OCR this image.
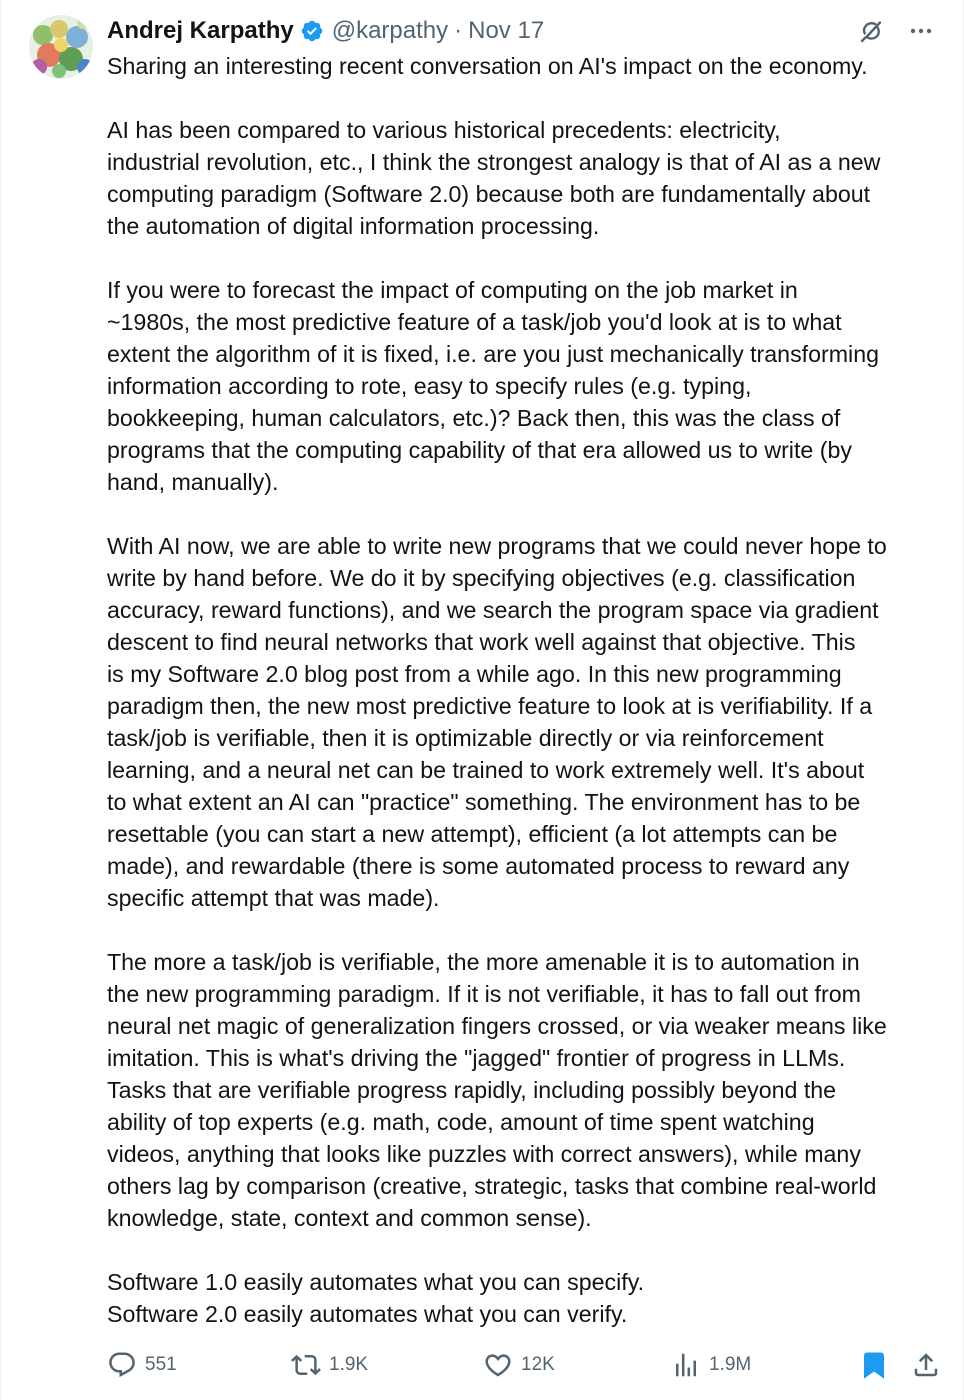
Andrej Karpathy @karpathy · Nov 17

Sharing an interesting recent conversation on AI's impact on the economy.

AI has been compared to various historical precedents: electricity,
industrial revolution, etc., I think the strongest analogy is that of AI as a new
computing paradigm (Software 2.0) because both are fundamentally about
the automation of digital information processing.

If you were to forecast the impact of computing on the job market in
~1980s, the most predictive feature of a task/job you'd look at is to what
extent the algorithm of it is fixed, i.e. are you just mechanically transforming
information according to rote, easy to specify rules (e.g. typing,
bookkeeping, human calculators, etc.)? Back then, this was the class of
programs that the computing capability of that era allowed us to write (by
hand, manually).

With AI now, we are able to write new programs that we could never hope to
write by hand before. We do it by specifying objectives (e.g. classification
accuracy, reward functions), and we search the program space via gradient
descent to find neural networks that work well against that objective. This
is my Software 2.0 blog post from a while ago. In this new programming
paradigm then, the new most predictive feature to look at is verifiability. If a
task/job is verifiable, then it is optimizable directly or via reinforcement
learning, and a neural net can be trained to work extremely well. It's about
to what extent an AI can "practice" something. The environment has to be
resettable (you can start a new attempt), efficient (a lot attempts can be
made), and rewardable (there is some automated process to reward any
specific attempt that was made).

The more a task/job is verifiable, the more amenable it is to automation in
the new programming paradigm. If it is not verifiable, it has to fall out from
neural net magic of generalization fingers crossed, or via weaker means like
imitation. This is what's driving the "jagged" frontier of progress in LLMs.
Tasks that are verifiable progress rapidly, including possibly beyond the
ability of top experts (e.g. math, code, amount of time spent watching
videos, anything that looks like puzzles with correct answers), while many
others lag by comparison (creative, strategic, tasks that combine real-world
knowledge, state, context and common sense).

Software 1.0 easily automates what you can specify.
Software 2.0 easily automates what you can verify.

551	1.9K	12K	1.9M
